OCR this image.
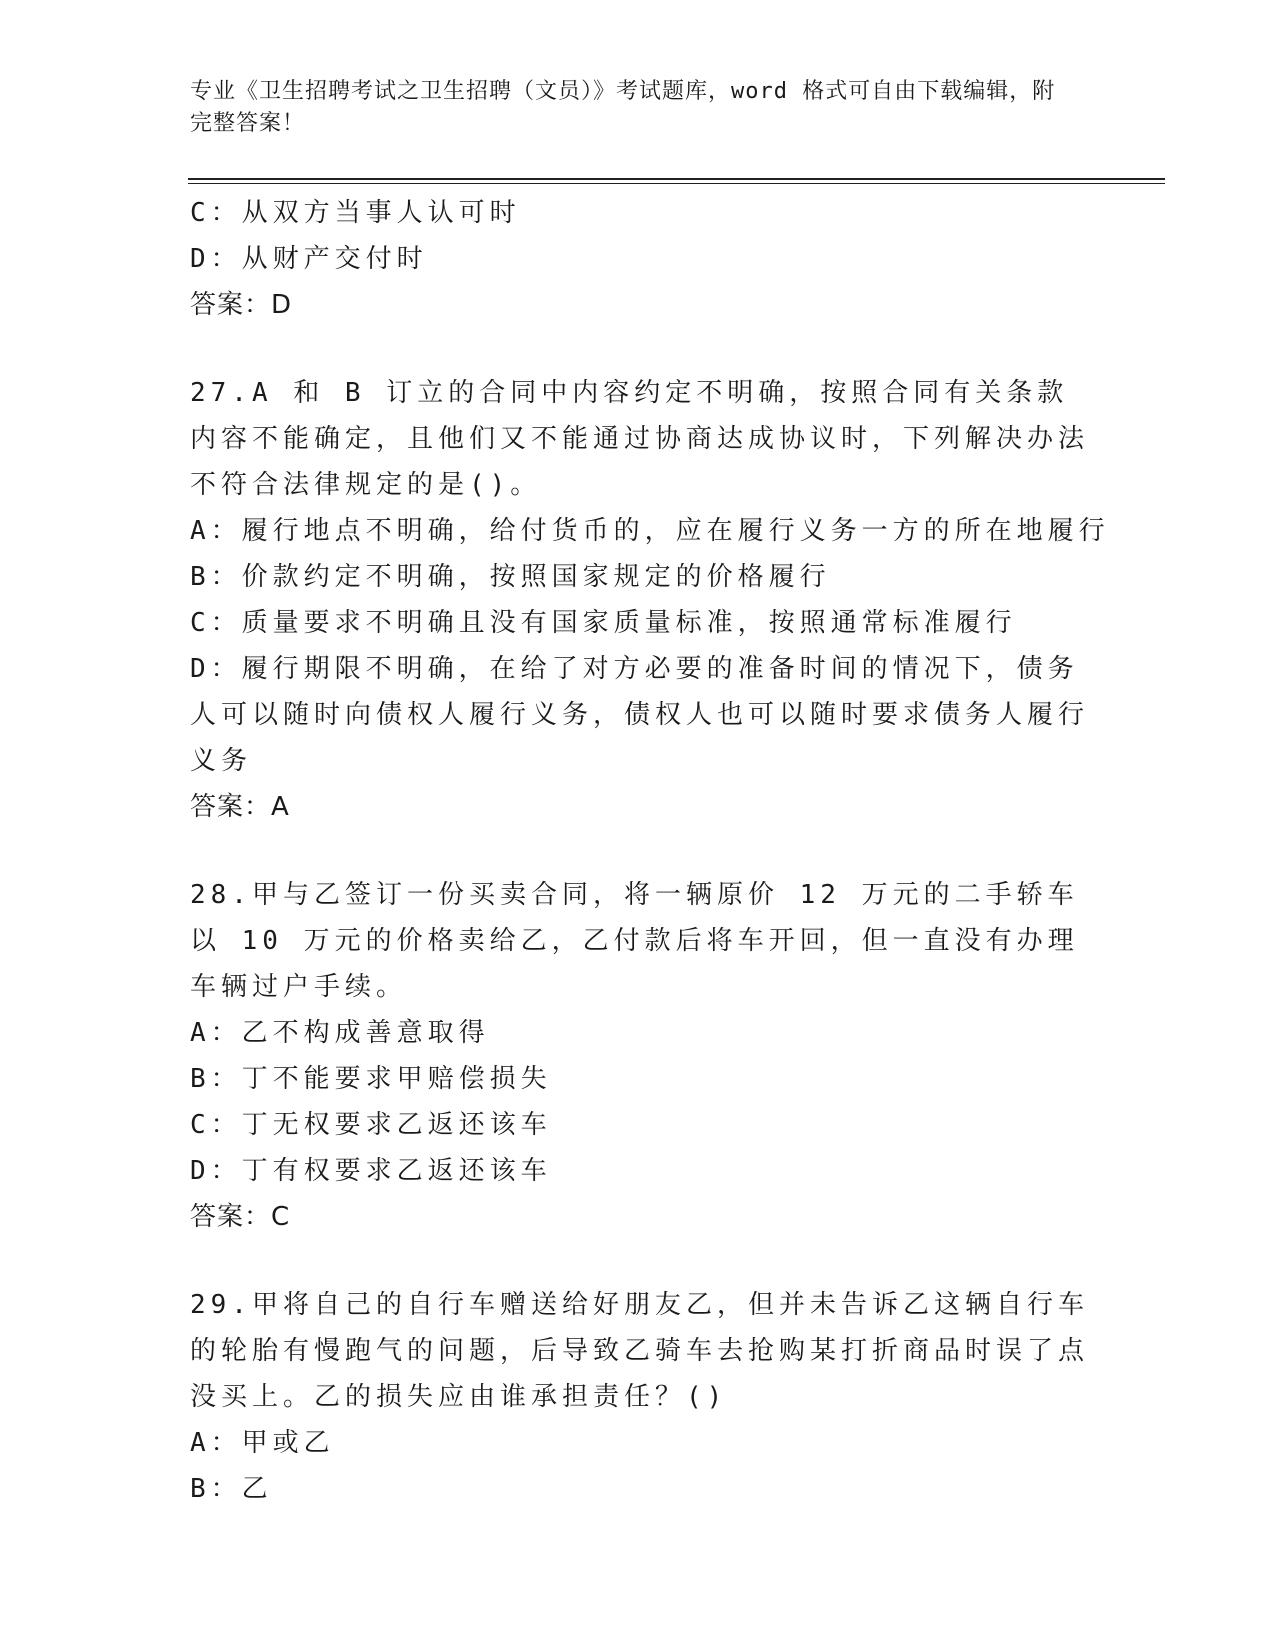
专业《卫生招聘考试之卫生招聘（文员）》考试题库，word 格式可自由下载编辑，附完整答案！
C：从双方当事人认可时
D：从财产交付时
答案：D
27.A 和 B 订立的合同中内容约定不明确，按照合同有关条款内容不能确定，且他们又不能通过协商达成协议时，下列解决办法不符合法律规定的是()。
A：履行地点不明确，给付货币的，应在履行义务一方的所在地履行
B：价款约定不明确，按照国家规定的价格履行
C：质量要求不明确且没有国家质量标准，按照通常标准履行
D：履行期限不明确，在给了对方必要的准备时间的情况下，债务人可以随时向债权人履行义务，债权人也可以随时要求债务人履行义务
答案：A
28.甲与乙签订一份买卖合同，将一辆原价 12 万元的二手轿车以 10 万元的价格卖给乙，乙付款后将车开回，但一直没有办理车辆过户手续。
A：乙不构成善意取得
B：丁不能要求甲赔偿损失
C：丁无权要求乙返还该车
D：丁有权要求乙返还该车
答案：C
29.甲将自己的自行车赠送给好朋友乙，但并未告诉乙这辆自行车的轮胎有慢跑气的问题，后导致乙骑车去抢购某打折商品时误了点没买上。乙的损失应由谁承担责任？()
A：甲或乙
B：乙
